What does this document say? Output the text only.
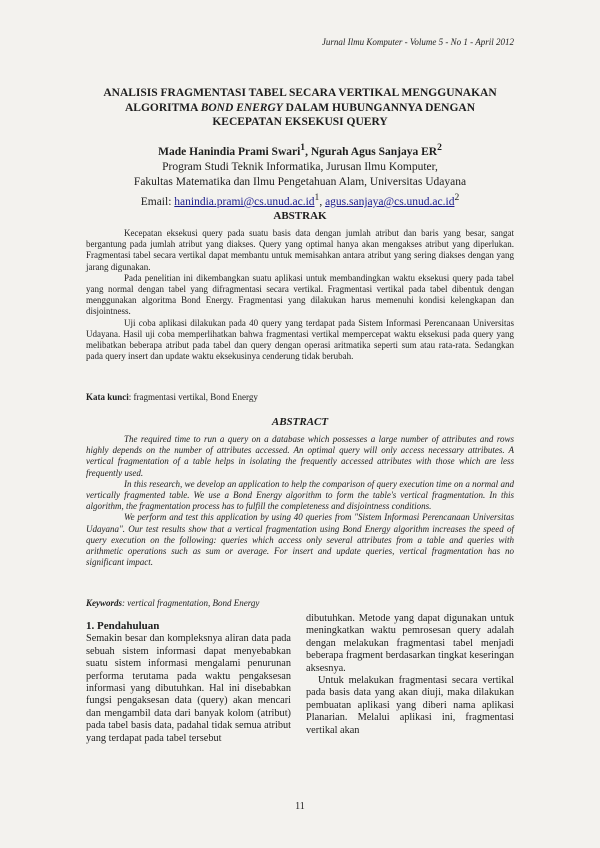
Jurnal Ilmu Komputer - Volume 5 - No 1 - April 2012
ANALISIS FRAGMENTASI TABEL SECARA VERTIKAL MENGGUNAKAN
ALGORITMA BOND ENERGY DALAM HUBUNGANNYA DENGAN
KECEPATAN EKSEKUSI QUERY
Made Hanindia Prami Swari$^1$, Ngurah Agus Sanjaya $ER^2$
Program Studi Teknik Informatika, Jurusan Ilmu Komputer,
Fakultas Matematika dan Ilmu Pengetahuan Alam, Universitas Udayana
Email: $hanindia.prami@cs.unud.ac.id^1$, $agus.sanjaya@cs.unud.ac.id^2$
ABSTRAK

Kecepatan eksekusi query pada suatu basis data dengan jumlah atribut dan baris yang besar, sangat bergantung pada jumlah atribut yang diakses. Query yang optimal hanya akan mengakses atribut yang diperlukan. Fragmentasi tabel secara vertikal dapat membantu untuk memisahkan antara atribut yang sering diakses dengan yang jarang digunakan.

Pada penelitian ini dikembangkan suatu aplikasi untuk membandingkan waktu eksekusi query pada tabel yang normal dengan tabel yang difragmentasi secara vertikal. Fragmentasi vertikal pada tabel dibentuk dengan menggunakan algoritma Bond Energy. Fragmentasi yang dilakukan harus memenuhi kondisi kelengkapan dan disjointness.

Uji coba aplikasi dilakukan pada 40 query yang terdapat pada Sistem Informasi Perencanaan Universitas Udayana. Hasil uji coba memperlihatkan bahwa fragmentasi vertikal mempercepat waktu eksekusi pada query yang melibatkan beberapa atribut pada tabel dan query dengan operasi aritmatika seperti sum atau rata-rata. Sedangkan pada query insert dan update waktu eksekusinya cenderung tidak berubah.

Kata kunci: fragmentasi vertikal, Bond Energy
ABSTRACT

The required time to run a query on a database which possesses a large number of attributes and rows highly depends on the number of attributes accessed. An optimal query will only access necessary attributes. A vertical fragmentation of a table helps in isolating the frequently accessed attributes with those which are less frequently used.

In this research, we develop an application to help the comparison of query execution time on a normal and vertically fragmented table. We use a Bond Energy algorithm to form the table's vertical fragmentation. In this algorithm, the fragmentation process has to fulfill the completeness and disjointness conditions.

We perform and test this application by using 40 queries from "Sistem Informasi Perencanaan Universitas Udayana". Our test results show that a vertical fragmentation using Bond Energy algorithm increases the speed of query execution on the following: queries which access only several attributes from a table and queries with arithmetic operations such as sum or average. For insert and update queries, vertical fragmentation has no significant impact.

Keywords: vertical fragmentation, Bond Energy
1. Pendahuluan

Semakin besar dan kompleksnya aliran data pada sebuah sistem informasi dapat menyebabkan suatu sistem informasi mengalami penurunan performa terutama pada waktu pengaksesan informasi yang dibutuhkan. Hal ini disebabkan fungsi pengaksesan data (query) akan mencari dan mengambil data dari banyak kolom (atribut) pada tabel basis data, padahal tidak semua atribut yang terdapat pada tabel tersebut

dibutuhkan. Metode yang dapat digunakan untuk meningkatkan waktu pemrosesan query adalah dengan melakukan fragmentasi tabel menjadi beberapa fragment berdasarkan tingkat keseringan aksesnya.

Untuk melakukan fragmentasi secara vertikal pada basis data yang akan diuji, maka dilakukan pembuatan aplikasi yang diberi nama aplikasi Planarian. Melalui aplikasi ini, fragmentasi vertikal akan

11
